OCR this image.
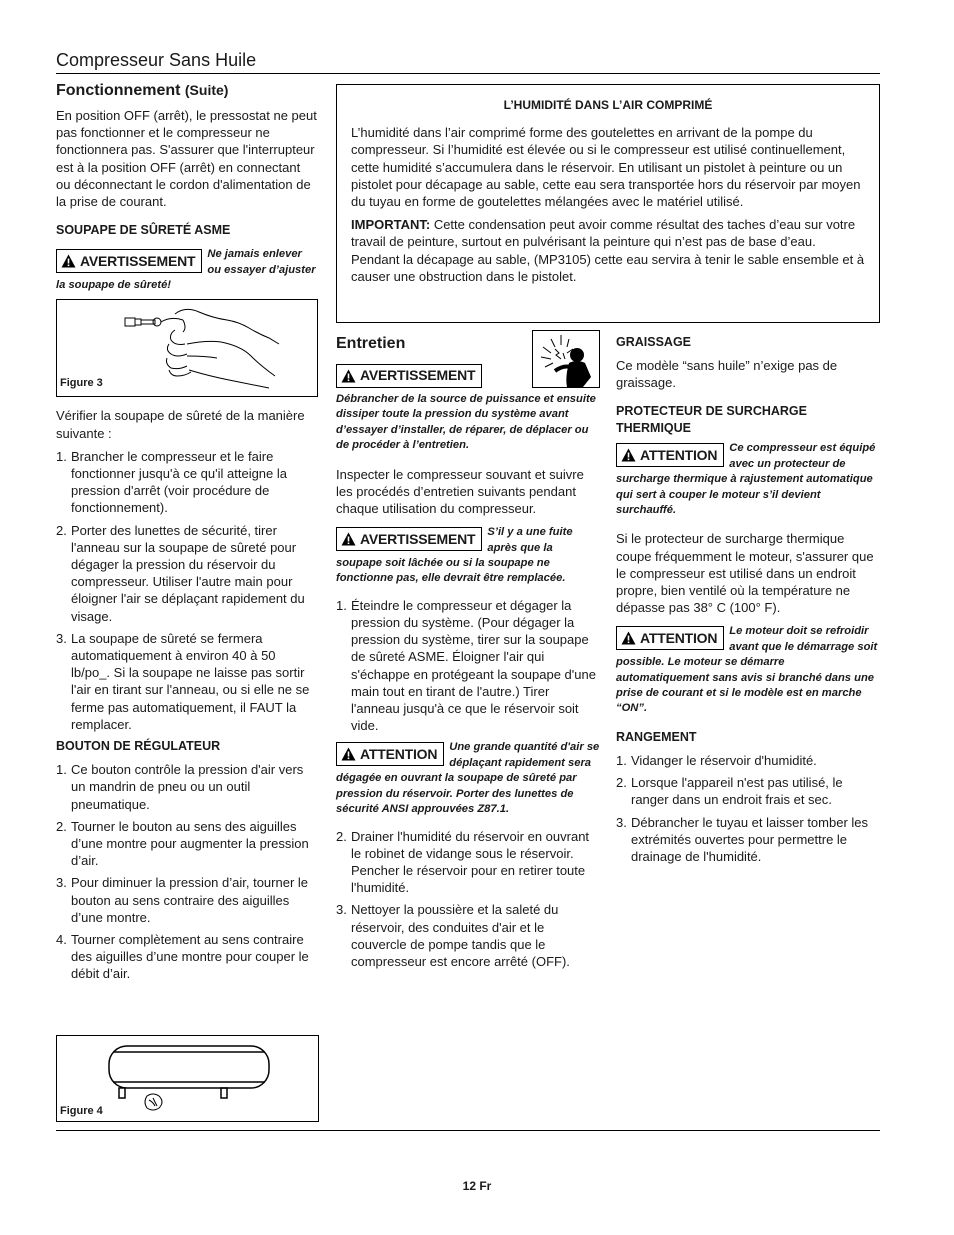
Compresseur Sans Huile
Fonctionnement (Suite)

En position OFF (arrêt), le pressostat ne peut pas fonctionner et le compresseur ne fonctionnera pas. S'assurer que l'interrupteur est à la position OFF (arrêt) en connectant ou déconnectant le cordon d'alimentation de la prise de courant.

SOUPAPE DE SÛRETÉ ASME
AVERTISSEMENT Ne jamais enlever ou essayer d’ajuster la soupape de sûreté!
Figure 3

Vérifier la soupape de sûreté de la manière suivante :

1. Brancher le compresseur et le faire fonctionner jusqu'à ce qu'il atteigne la pression d'arrêt (voir procédure de fonctionnement).
2. Porter des lunettes de sécurité, tirer l'anneau sur la soupape de sûreté pour dégager la pression du réservoir du compresseur. Utiliser l'autre main pour éloigner l'air se déplaçant rapidement du visage.
3. La soupape de sûreté se fermera automatiquement à environ 40 à 50 lb/po_. Si la soupape ne laisse pas sortir l'air en tirant sur l'anneau, ou si elle ne se ferme pas automatiquement, il FAUT la remplacer.
BOUTON DE RÉGULATEUR
1. Ce bouton contrôle la pression d'air vers un mandrin de pneu ou un outil pneumatique.
2. Tourner le bouton au sens des aiguilles d’une montre pour augmenter la pression d’air.
3. Pour diminuer la pression d’air, tourner le bouton au sens contraire des aiguilles d’une montre.
4. Tourner complètement au sens contraire des aiguilles d’une montre pour couper le débit d’air.
Figure 4
L’HUMIDITÉ DANS L’AIR COMPRIMÉ

L’humidité dans l’air comprimé forme des goutelettes en arrivant de la pompe du compresseur. Si l’humidité est élevée ou si le compresseur est utilisé continuellement, cette humidité s’accumulera dans le réservoir. En utilisant un pistolet à peinture ou un pistolet pour décapage au sable, cette eau sera transportée hors du réservoir par moyen du tuyau en forme de goutelettes mélangées avec le matériel utilisé.

IMPORTANT: Cette condensation peut avoir comme résultat des taches d’eau sur votre travail de peinture, surtout en pulvérisant la peinture qui n’est pas de base d’eau. Pendant la décapage au sable, (MP3105) cette eau servira à tenir le sable ensemble et à causer une obstruction dans le pistolet.

Entretien
AVERTISSEMENT
Débrancher de la source de puissance et ensuite dissiper toute la pression du système avant d’essayer d’installer, de réparer, de déplacer ou de procéder à l’entretien.

Inspecter le compresseur souvant et suivre les procédés d’entretien suivants pendant chaque utilisation du compresseur.

AVERTISSEMENT S’il y a une fuite après que la soupape soit lâchée ou si la soupape ne fonctionne pas, elle devrait être remplacée.
1. Éteindre le compresseur et dégager la pression du système. (Pour dégager la pression du système, tirer sur la soupape de sûreté ASME. Éloigner l'air qui s'échappe en protégeant la soupape d'une main tout en tirant de l'autre.) Tirer l'anneau jusqu'à ce que le réservoir soit vide.
ATTENTION Une grande quantité d'air se déplaçant rapidement sera dégagée en ouvrant la soupape de sûreté par pression du réservoir. Porter des lunettes de sécurité ANSI approuvées Z87.1.
2. Drainer l'humidité du réservoir en ouvrant le robinet de vidange sous le réservoir. Pencher le réservoir pour en retirer toute l'humidité.
3. Nettoyer la poussière et la saleté du réservoir, des conduites d'air et le couvercle de pompe tandis que le compresseur est encore arrêté (OFF).
GRAISSAGE

Ce modèle “sans huile” n’exige pas de graissage.

PROTECTEUR DE SURCHARGE THERMIQUE
ATTENTION Ce compresseur est équipé avec un protecteur de surcharge thermique à rajustement automatique qui sert à couper le moteur s’il devient surchauffé.

Si le protecteur de surcharge thermique coupe fréquemment le moteur, s'assurer que le compresseur est utilisé dans un endroit propre, bien ventilé où la température ne dépasse pas 38° C (100° F).

ATTENTION Le moteur doit se refroidir avant que le démarrage soit possible. Le moteur se démarre automatiquement sans avis si branché dans une prise de courant et si le modèle est en marche “ON”.
RANGEMENT
1. Vidanger le réservoir d'humidité.
2. Lorsque l'appareil n'est pas utilisé, le ranger dans un endroit frais et sec.
3. Débrancher le tuyau et laisser tomber les extrémités ouvertes pour permettre le drainage de l'humidité.
12 Fr
